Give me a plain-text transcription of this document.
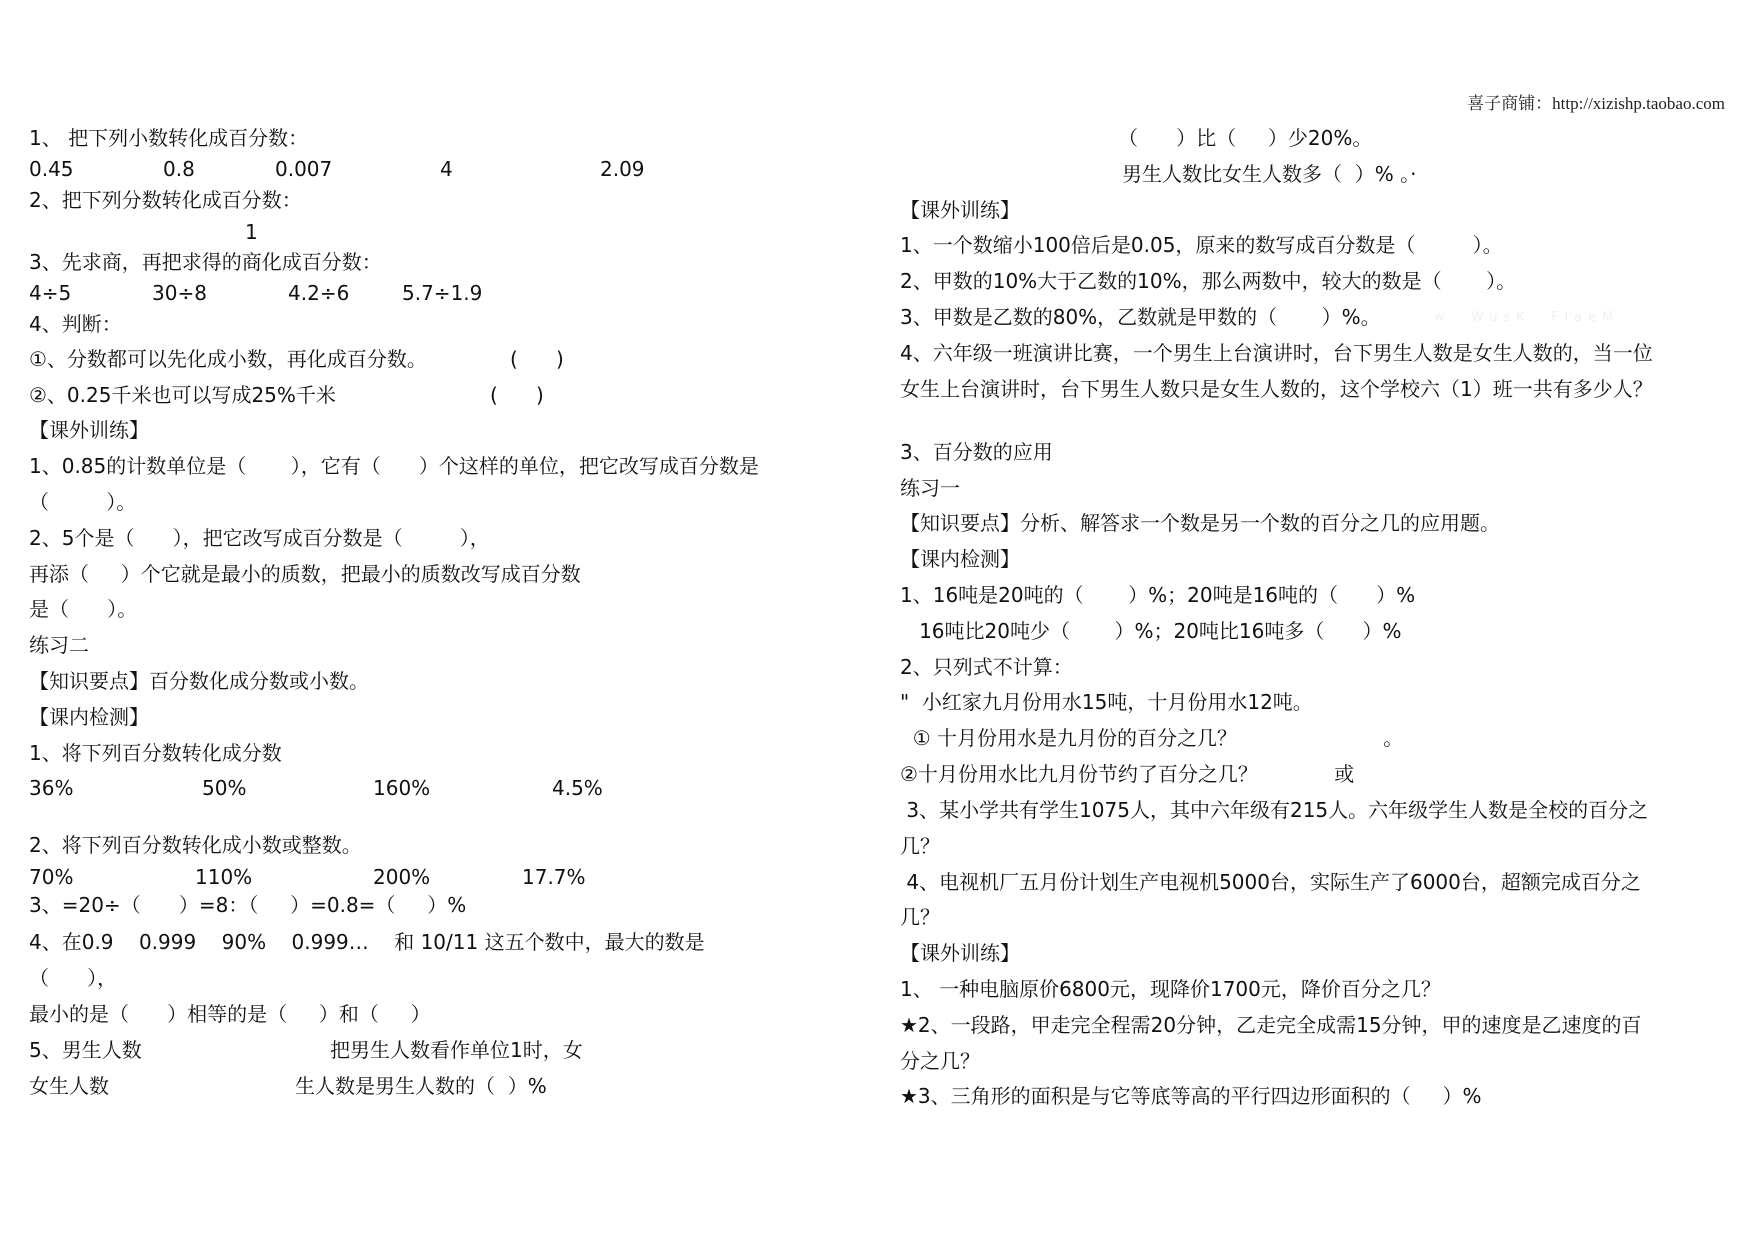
喜子商铺：http://xizishp.taobao.com
w  WusK  FlaeM
1、 把下列小数转化成百分数：
0.45	0.8	0.007	4	2.09
2、把下列分数转化成百分数：
1
3、先求商，再把求得的商化成百分数：
4÷5	30÷8	4.2÷6	5.7÷1.9
4、判断：
①、分数都可以先化成小数，再化成百分数。	(      )
②、0.25千米也可以写成25%千米	(      )
【课外训练】
1、0.85的计数单位是（       ），它有（      ）个这样的单位，把它改写成百分数是
（         ）。
2、5个是（      ），把它改写成百分数是（         ），
再添（     ）个它就是最小的质数，把最小的质数改写成百分数
是（      ）。
练习二
【知识要点】百分数化成分数或小数。
【课内检测】
1、将下列百分数转化成分数
36%	50%	160%	4.5%
2、将下列百分数转化成小数或整数。
70%	110%	200%	17.7%
3、=20÷（      ）=8：（     ）=0.8=（     ）%
4、在0.9    0.999    90%    0.999…    和 10/11 这五个数中，最大的数是
（      ），
最小的是（      ）相等的是（     ）和（     ）
5、男生人数	把男生人数看作单位1时，女
女生人数	生人数是男生人数的（  ）%
（      ）比（     ）少20%。
男生人数比女生人数多（  ）% 。·
【课外训练】
1、一个数缩小100倍后是0.05，原来的数写成百分数是（         ）。
2、甲数的10%大于乙数的10%，那么两数中，较大的数是（       ）。
3、甲数是乙数的80%，乙数就是甲数的（       ）%。
4、六年级一班演讲比赛，一个男生上台演讲时，台下男生人数是女生人数的，当一位
女生上台演讲时，台下男生人数只是女生人数的，这个学校六（1）班一共有多少人？
3、百分数的应用
练习一
【知识要点】分析、解答求一个数是另一个数的百分之几的应用题。
【课内检测】
1、16吨是20吨的（       ）%；20吨是16吨的（      ）%
16吨比20吨少（       ）%；20吨比16吨多（      ）%
2、只列式不计算：
"  小红家九月份用水15吨，十月份用水12吨。
① 十月份用水是九月份的百分之几？                       。
②十月份用水比九月份节约了百分之几？            或
3、某小学共有学生1075人，其中六年级有215人。六年级学生人数是全校的百分之
几？
4、电视机厂五月份计划生产电视机5000台，实际生产了6000台，超额完成百分之
几？
【课外训练】
1、 一种电脑原价6800元，现降价1700元，降价百分之几？
★2、一段路，甲走完全程需20分钟，乙走完全成需15分钟，甲的速度是乙速度的百
分之几？
★3、三角形的面积是与它等底等高的平行四边形面积的（     ）%
